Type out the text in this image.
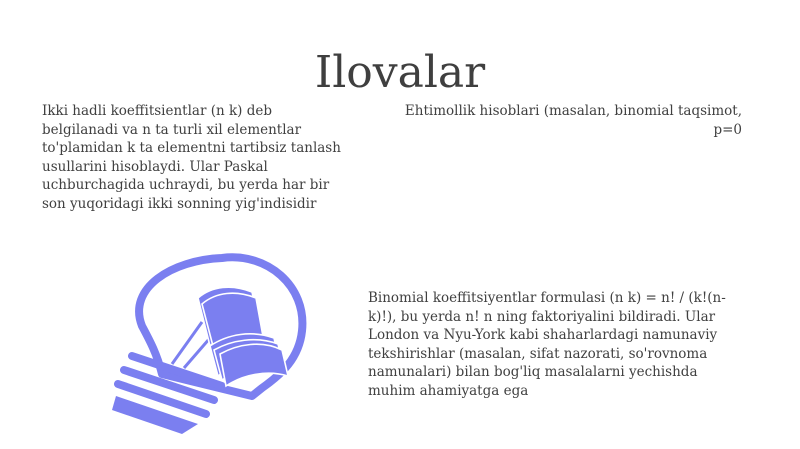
Ilovalar
Ikki hadli koeffitsientlar (n k) deb belgilanadi va n ta turli xil elementlar to'plamidan k ta elementni tartibsiz tanlash usullarini hisoblaydi. Ular Paskal uchburchagida uchraydi, bu yerda har bir son yuqoridagi ikki sonning yig'indisidir
Ehtimollik hisoblari (masalan, binomial taqsimot, p=0
Binomial koeffitsiyentlar formulasi (n k) = n! / (k!(n-k)!), bu yerda n! n ning faktoriyalini bildiradi. Ular London va Nyu-York kabi shaharlardagi namunaviy tekshirishlar (masalan, sifat nazorati, so'rovnoma namunalari) bilan bog'liq masalalarni yechishda muhim ahamiyatga ega
